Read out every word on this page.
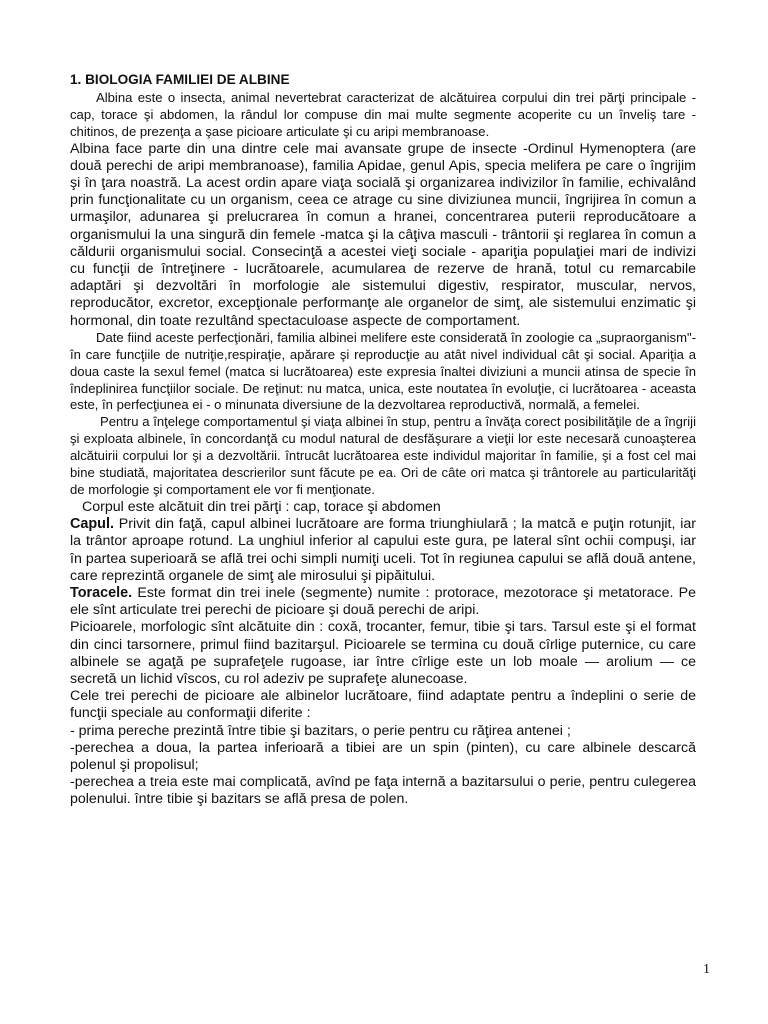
1. BIOLOGIA FAMILIEI DE ALBINE

Albina este o insecta, animal nevertebrat caracterizat de alcătuirea corpului din trei părţi principale - cap, torace şi abdomen, la rândul lor compuse din mai multe segmente acoperite cu un înveliş tare - chitinos, de prezenţa a şase picioare articulate şi cu aripi membranoase.

Albina face parte din una dintre cele mai avansate grupe de insecte -Ordinul Hymenoptera (are două perechi de aripi membranoase), familia Apidae, genul Apis, specia melifera pe care o îngrijim şi în ţara noastră. La acest ordin apare viaţa socială şi organizarea indivizilor în familie, echivalând prin funcţionalitate cu un organism, ceea ce atrage cu sine diviziunea muncii, îngrijirea în comun a urmaşilor, adunarea şi prelucrarea în comun a hranei, concentrarea puterii reproducătoare a organismului la una singură din femele -matca şi la câţiva masculi - trântorii şi reglarea în comun a căldurii organismului social. Consecinţă a acestei vieţi sociale - apariţia populaţiei mari de indivizi cu funcţii de întreţinere - lucrătoarele, acumularea de rezerve de hrană, totul cu remarcabile adaptări şi dezvoltări în morfologie ale sistemului digestiv, respirator, muscular, nervos, reproducător, excretor, excepţionale performanţe ale organelor de simţ, ale sistemului enzimatic şi hormonal, din toate rezultând spectaculoase aspecte de comportament.

Date fiind aceste perfecţionări, familia albinei melifere este considerată în zoologie ca „supraorganism"- în care funcţiile de nutriţie,respiraţie, apărare şi reproducţie au atât nivel individual cât şi social. Apariţia a doua caste la sexul femel (matca si lucrătoarea) este expresia înaltei diviziuni a muncii atinsa de specie în îndeplinirea funcţiilor sociale. De reţinut: nu matca, unica, este noutatea în evoluţie, ci lucrătoarea - aceasta este, în perfecţiunea ei - o minunata diversiune de la dezvoltarea reproductivă, normală, a femelei.

Pentru a înţelege comportamentul şi viaţa albinei în stup, pentru a învăţa corect posibilităţile de a îngriji şi exploata albinele, în concordanţă cu modul natural de desfăşurare a vieţii lor este necesară cunoaşterea alcătuirii corpului lor şi a dezvoltării. întrucât lucrătoarea este individul majoritar în familie, şi a fost cel mai bine studiată, majoritatea descrierilor sunt făcute pe ea. Ori de câte ori matca şi trântorele au particularităţi de morfologie şi comportament ele vor fi menţionate.

Corpul este alcătuit din trei părţi : cap, torace şi abdomen

Capul. Privit din faţă, capul albinei lucrătoare are forma triunghiulară ; la matcă e puţin rotunjit, iar la trântor aproape rotund. La unghiul inferior al capului este gura, pe lateral sînt ochii compuşi, iar în partea superioară se află trei ochi simpli numiţi uceli. Tot în regiunea capului se află două antene, care reprezintă organele de simţ ale mirosului şi pipăitului.

Toracele. Este format din trei inele (segmente) numite : protorace, mezotorace şi metatorace. Pe ele sînt articulate trei perechi de picioare şi două perechi de aripi.

Picioarele, morfologic sînt alcătuite din : coxă, trocanter, femur, tibie şi tars. Tarsul este şi el format din cinci tarsornere, primul fiind bazitarşul. Picioarele se termina cu două cîrlige puternice, cu care albinele se agaţă pe suprafeţele rugoase, iar între cîrligе este un lob moale — arolium — ce secretă un lichid vîscos, cu rol adeziv pe suprafeţe alunecoase.

Cele trei perechi de picioare ale albinelor lucrătoare, fiind adaptate pentru a îndeplini o serie de funcţii speciale au conformaţii diferite :

- prima pereche prezintă între tibie şi bazitars, o perie pentru cu răţirea antenei ;

-perechea a doua, la partea inferioară a tibiei are un spin (pinten), cu care albinele descarcă polenul şi propolisul;

-perechea a treia este mai complicată, avînd pe faţa internă a bazitarsului o perie, pentru culegerea polenului. între tibie şi bazitars se află presa de polen.

1
